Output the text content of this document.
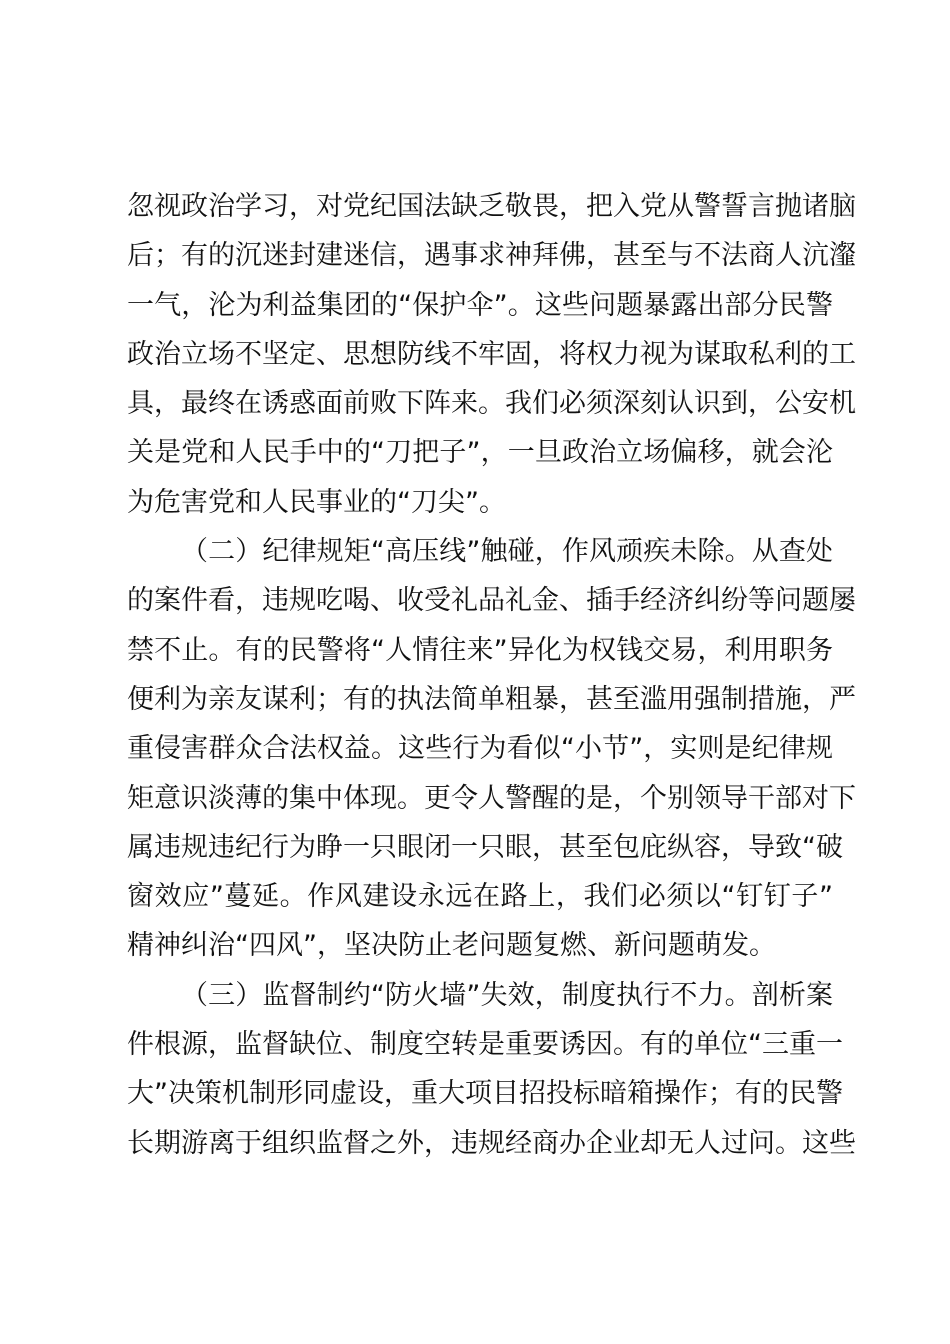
忽视政治学习，对党纪国法缺乏敬畏，把入党从警誓言抛诸脑
后；有的沉迷封建迷信，遇事求神拜佛，甚至与不法商人沆瀣
一气，沦为利益集团的“保护伞”。这些问题暴露出部分民警
政治立场不坚定、思想防线不牢固，将权力视为谋取私利的工
具，最终在诱惑面前败下阵来。我们必须深刻认识到，公安机
关是党和人民手中的“刀把子”，一旦政治立场偏移，就会沦
为危害党和人民事业的“刀尖”。
（二）纪律规矩“高压线”触碰，作风顽疾未除。从查处
的案件看，违规吃喝、收受礼品礼金、插手经济纠纷等问题屡
禁不止。有的民警将“人情往来”异化为权钱交易，利用职务
便利为亲友谋利；有的执法简单粗暴，甚至滥用强制措施，严
重侵害群众合法权益。这些行为看似“小节”，实则是纪律规
矩意识淡薄的集中体现。更令人警醒的是，个别领导干部对下
属违规违纪行为睁一只眼闭一只眼，甚至包庇纵容，导致“破
窗效应”蔓延。作风建设永远在路上，我们必须以“钉钉子”
精神纠治“四风”，坚决防止老问题复燃、新问题萌发。
（三）监督制约“防火墙”失效，制度执行不力。剖析案
件根源，监督缺位、制度空转是重要诱因。有的单位“三重一
大”决策机制形同虚设，重大项目招投标暗箱操作；有的民警
长期游离于组织监督之外，违规经商办企业却无人过问。这些
